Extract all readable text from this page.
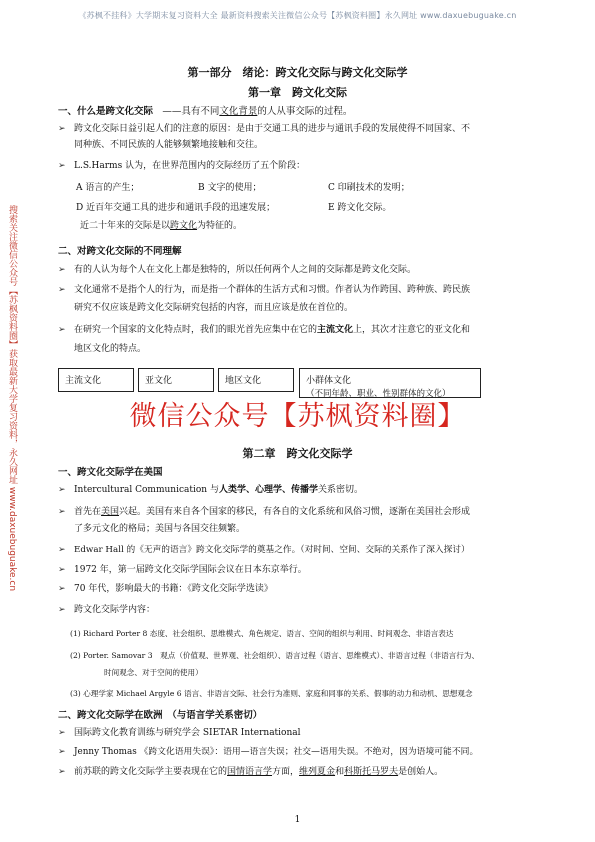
《苏枫不挂科》大学期末复习资料大全 最新资料搜索关注微信公众号【苏枫资料圈】永久网址 www.daxuebuguake.cn
搜索关注微信公众号【苏枫资料圈】获取最新大学复习资料，永久网址 www.daxuebuguake.cn
第一部分　绪论：跨文化交际与跨文化交际学
第一章　跨文化交际
一、什么是跨文化交际 ——具有不同文化背景的人从事交际的过程。
➢ 跨文化交际日益引起人们的注意的原因：是由于交通工具的进步与通讯手段的发展使得不同国家、不
同种族、不同民族的人能够频繁地接触和交往。
➢ L.S.Harms 认为，在世界范围内的交际经历了五个阶段：
A 语言的产生；	B 文字的使用；	C 印刷技术的发明；
D 近百年交通工具的进步和通讯手段的迅速发展；	E 跨文化交际。
近二十年来的交际是以跨文化为特征的。
二、对跨文化交际的不同理解
➢ 有的人认为每个人在文化上都是独特的，所以任何两个人之间的交际都是跨文化交际。
➢ 文化通常不是指个人的行为，而是指一个群体的生活方式和习惯。作者认为作跨国、跨种族、跨民族
研究不仅应该是跨文化交际研究包括的内容，而且应该是放在首位的。
➢ 在研究一个国家的文化特点时，我们的眼光首先应集中在它的主流文化上，其次才注意它的亚文化和
地区文化的特点。
主流文化	亚文化	地区文化	小群体文化
（不同年龄、职业、性别群体的文化）
微信公众号【苏枫资料圈】
第二章　跨文化交际学
一、跨文化交际学在美国
➢ Intercultural Communication 与人类学、心理学、传播学关系密切。
➢ 首先在美国兴起。美国有来自各个国家的移民，有各自的文化系统和风俗习惯，逐渐在美国社会形成
了多元文化的格局；美国与各国交往频繁。
➢ Edwar Hall 的《无声的语言》跨文化交际学的奠基之作。（对时间、空间、交际的关系作了深入探讨）
➢ 1972 年，第一届跨文化交际学国际会议在日本东京举行。
➢ 70 年代，影响最大的书籍：《跨文化交际学选读》
➢ 跨文化交际学内容：
(1) Richard Porter 8 态度、社会组织、思维模式、角色规定、语言、空间的组织与利用、时间观念、非语言表达
(2) Porter. Samovar 3　观点（价值观、世界观、社会组织）、语言过程（语言、思维模式）、非语言过程（非语言行为、
时间观念、对于空间的使用）
(3) 心理学家 Michael Argyle 6 语言、非语言交际、社会行为准则、家庭和同事的关系、假事的动力和动机、思想观念
二、跨文化交际学在欧洲　（与语言学关系密切）
➢ 国际跨文化教育训练与研究学会 SIETAR International
➢ Jenny Thomas 《跨文化语用失误》：语用—语言失误；社交—语用失误。不绝对，因为语境可能不同。
➢ 前苏联的跨文化交际学主要表现在它的国情语言学方面，维列夏金和科斯托马罗夫是创始人。
1
